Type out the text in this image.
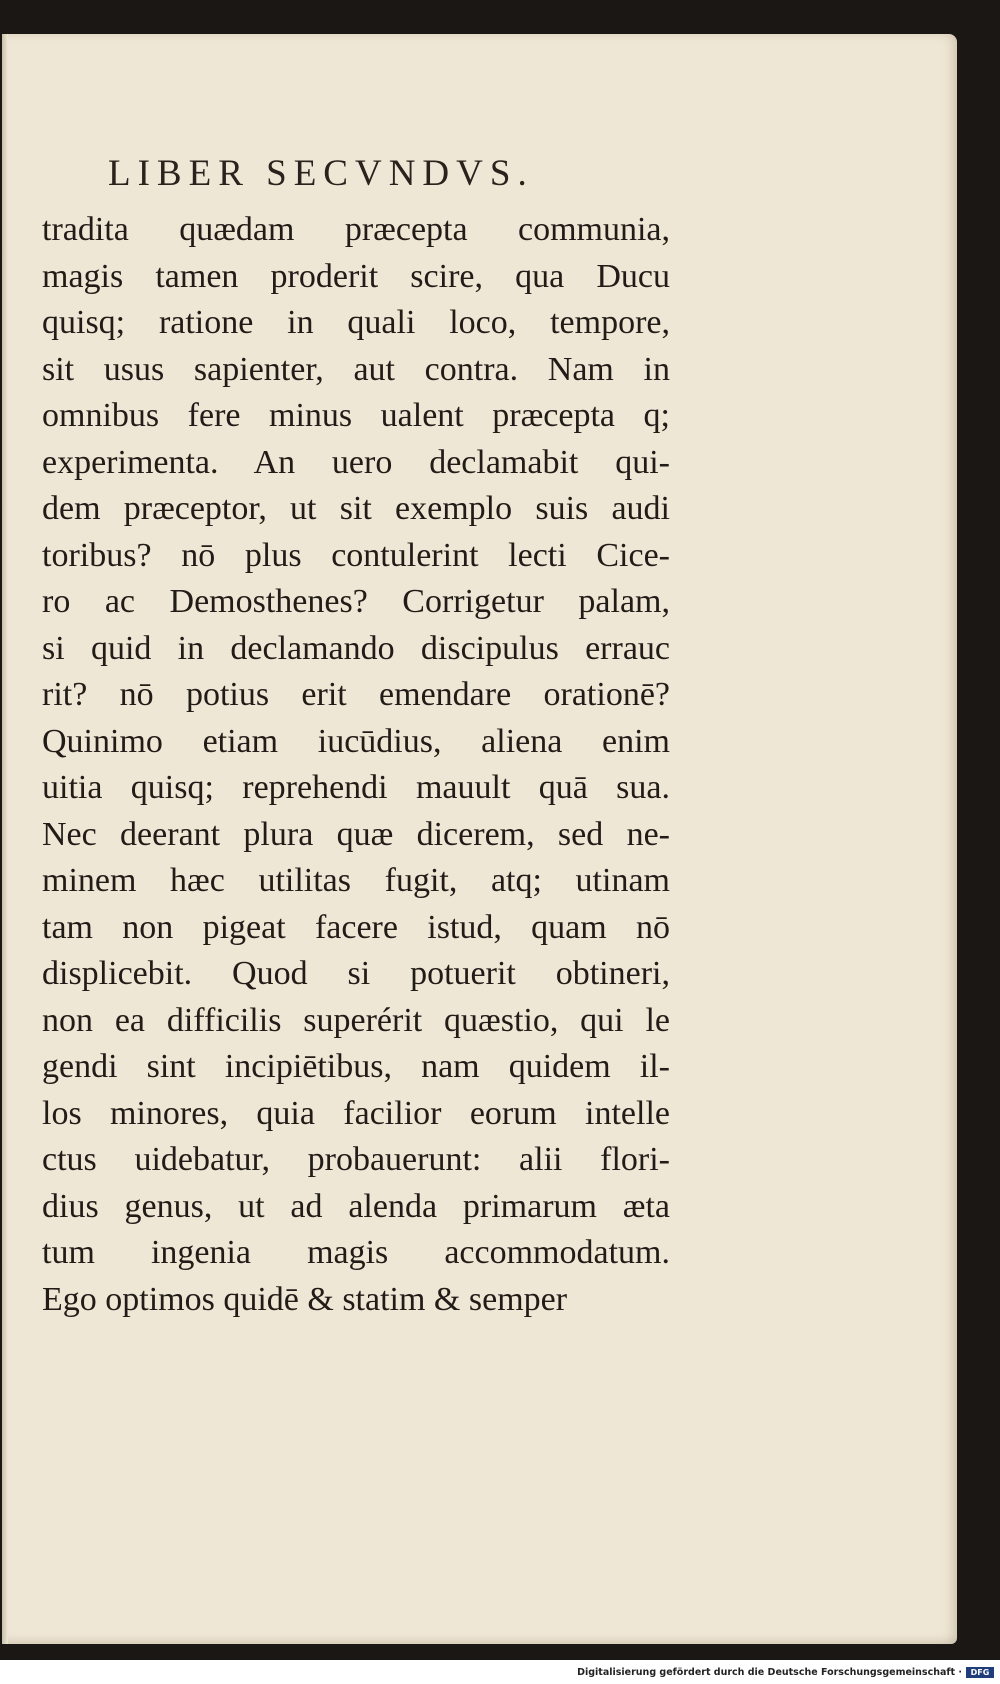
LIBER SECVNDVS.
tradita quædam præcepta communia,
magis tamen proderit scire, qua Ducu
quisq; ratione in quali loco, tempore,
sit usus sapienter, aut contra. Nam in
omnibus fere minus ualent præcepta q;
experimenta. An uero declamabit qui-
dem præceptor, ut sit exemplo suis audi
toribus? nō plus contulerint lecti Cice-
ro ac Demosthenes? Corrigetur palam,
si quid in declamando discipulus errauc
rit? nō potius erit emendare orationē?
Quinimo etiam iucūdius, aliena enim
uitia quisq; reprehendi mauult quā sua.
Nec deerant plura quæ dicerem, sed ne-
minem hæc utilitas fugit, atq; utinam
tam non pigeat facere istud, quam nō
displicebit. Quod si potuerit obtineri,
non ea difficilis superérit quæstio, qui le
gendi sint incipiētibus, nam quidem il-
los minores, quia facilior eorum intelle
ctus uidebatur, probauerunt: alii flori-
dius genus, ut ad alenda primarum æta
tum ingenia magis accommodatum.
Ego optimos quidē & statim & semper
Digitalisierung gefördert durch die Deutsche Forschungsgemeinschaft ·	DFG
